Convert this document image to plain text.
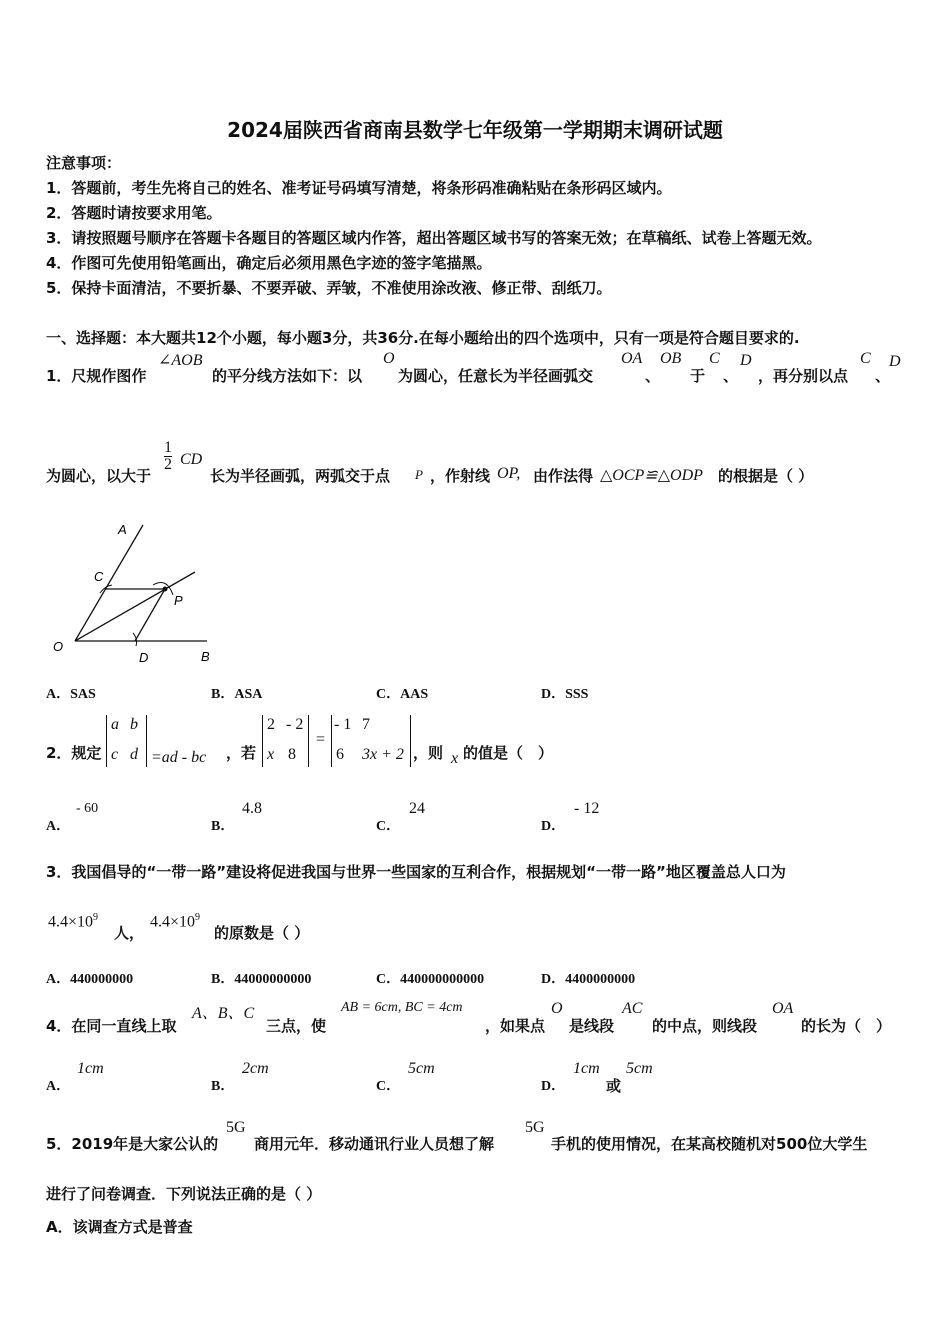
2024届陕西省商南县数学七年级第一学期期末调研试题
注意事项：
1．答题前，考生先将自己的姓名、准考证号码填写清楚，将条形码准确粘贴在条形码区域内。
2．答题时请按要求用笔。
3．请按照题号顺序在答题卡各题目的答题区域内作答，超出答题区域书写的答案无效；在草稿纸、试卷上答题无效。
4．作图可先使用铅笔画出，确定后必须用黑色字迹的签字笔描黑。
5．保持卡面清洁，不要折暴、不要弄破、弄皱，不准使用涂改液、修正带、刮纸刀。
一、选择题：本大题共12个小题，每小题3分，共36分.在每小题给出的四个选项中，只有一项是符合题目要求的.
1．尺规作图作
∠AOB
的平分线方法如下：以
O
为圆心，任意长为半径画弧交
OA
、
OB
于
C
、
D
，再分别以点
C
、
D
为圆心，以大于
$\frac{1}{2}$ CD
长为半径画弧，两弧交于点 P ，作射线 OP, 由作法得 △OCP≌△ODP 的根据是（ ）
A
C
P
O
D	B
A．SAS	B．ASA	C．AAS	D．SSS
2．规定
a b
c d =ad - bc ，若
2 - 2
x 8
=
- 1 7
6 3x + 2 ，则 x 的值是（　）
A．
- 60
B．
4.8
C．
24
D．
- 12
3．我国倡导的“一带一路”建设将促进我国与世界一些国家的互利合作，根据规划“一带一路”地区覆盖总人口为
$4.4\times 10^9$
人，
$4.4\times 10^9$
的原数是（ ）
A．440000000	B．44000000000	C．440000000000	D．4400000000
4．在同一直线上取
A、B、C
三点，使
AB = 6cm, BC = 4cm
，如果点
O
是线段
AC
的中点，则线段
OA
的长为（　）
A．
1cm
B．
2cm
C．
5cm
D．
1cm
或
5cm
5．2019年是大家公认的
5G
商用元年．移动通讯行业人员想了解
5G
手机的使用情况，在某高校随机对500位大学生
进行了问卷调查．下列说法正确的是（ ）
A．该调查方式是普查
